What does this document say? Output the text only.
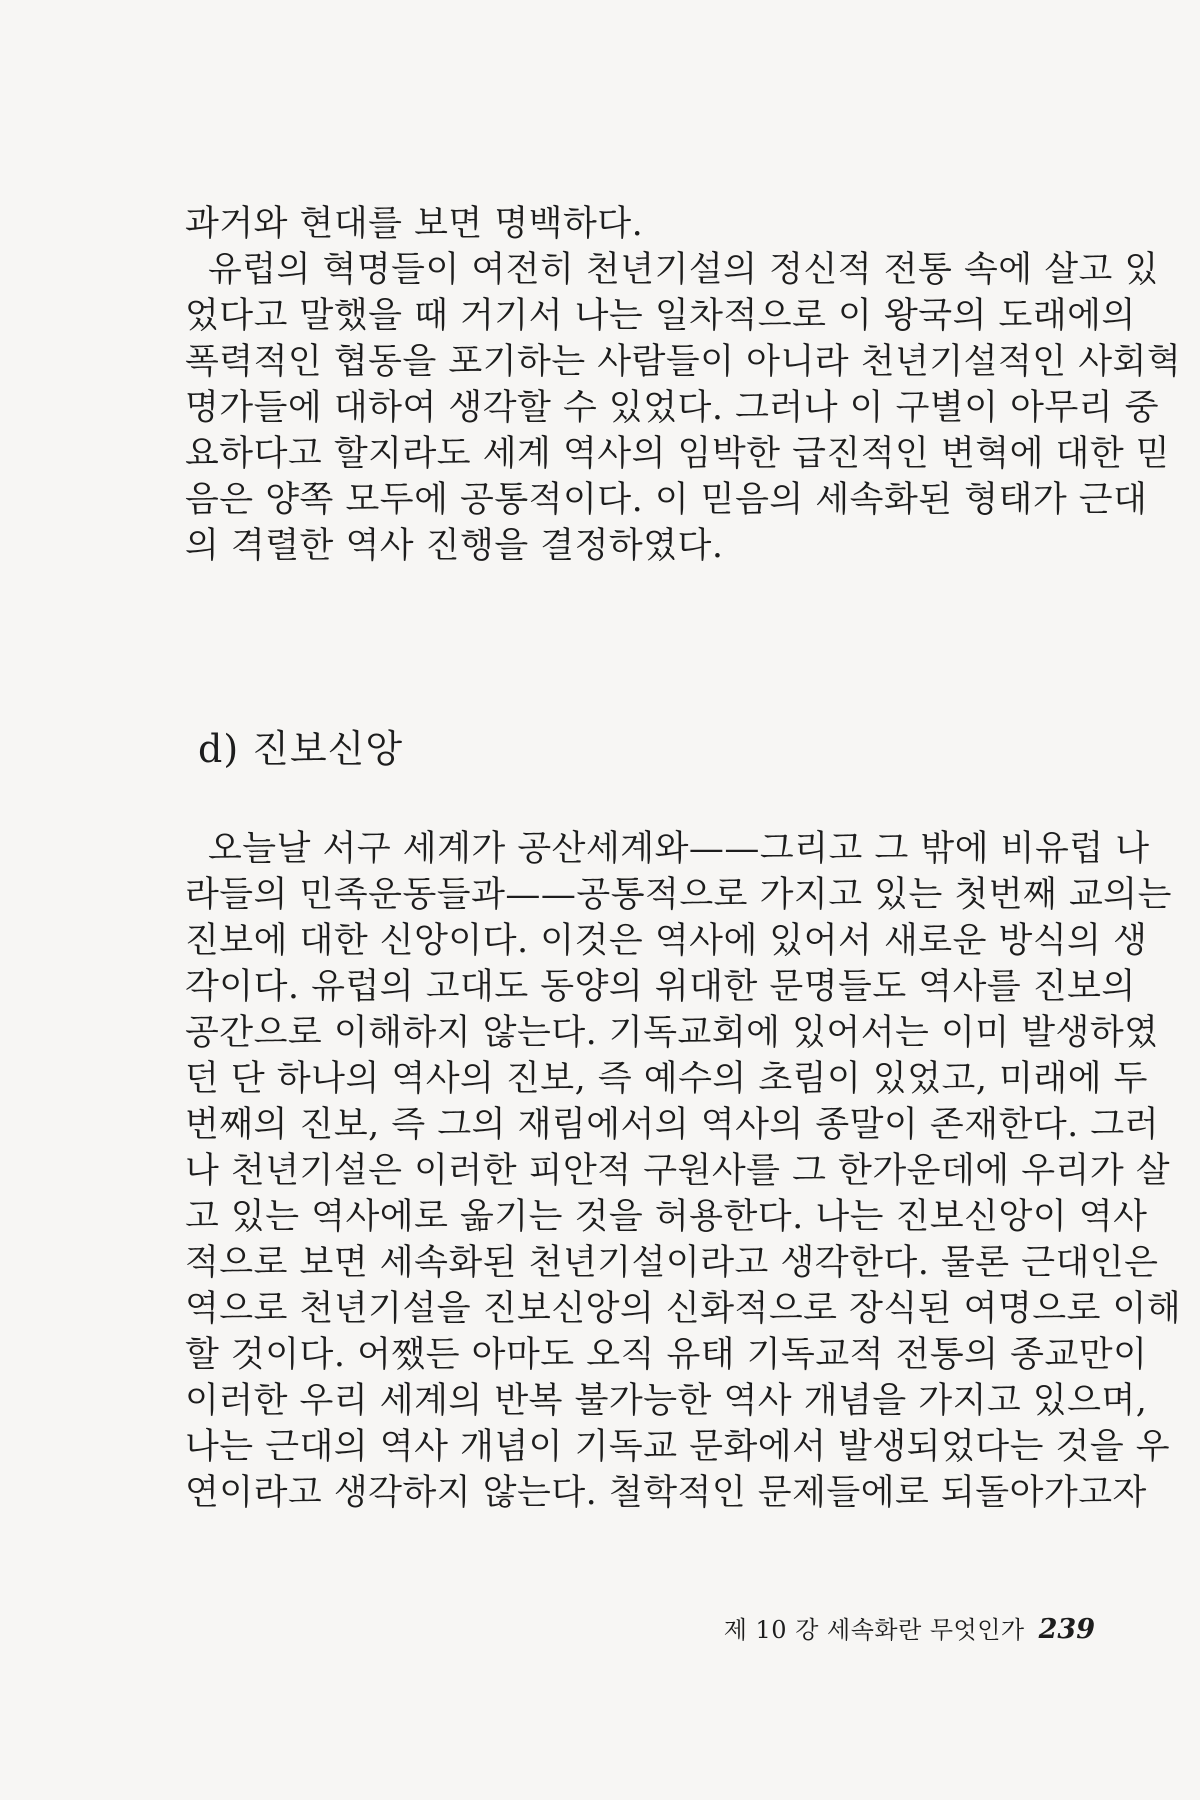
과거와 현대를 보면 명백하다.
유럽의 혁명들이 여전히 천년기설의 정신적 전통 속에 살고 있
었다고 말했을 때 거기서 나는 일차적으로 이 왕국의 도래에의
폭력적인 협동을 포기하는 사람들이 아니라 천년기설적인 사회혁
명가들에 대하여 생각할 수 있었다. 그러나 이 구별이 아무리 중
요하다고 할지라도 세계 역사의 임박한 급진적인 변혁에 대한 믿
음은 양쪽 모두에 공통적이다. 이 믿음의 세속화된 형태가 근대
의 격렬한 역사 진행을 결정하였다.
d) 진보신앙
오늘날 서구 세계가 공산세계와——그리고 그 밖에 비유럽 나
라들의 민족운동들과——공통적으로 가지고 있는 첫번째 교의는
진보에 대한 신앙이다. 이것은 역사에 있어서 새로운 방식의 생
각이다. 유럽의 고대도 동양의 위대한 문명들도 역사를 진보의
공간으로 이해하지 않는다. 기독교회에 있어서는 이미 발생하였
던 단 하나의 역사의 진보, 즉 예수의 초림이 있었고, 미래에 두
번째의 진보, 즉 그의 재림에서의 역사의 종말이 존재한다. 그러
나 천년기설은 이러한 피안적 구원사를 그 한가운데에 우리가 살
고 있는 역사에로 옮기는 것을 허용한다. 나는 진보신앙이 역사
적으로 보면 세속화된 천년기설이라고 생각한다. 물론 근대인은
역으로 천년기설을 진보신앙의 신화적으로 장식된 여명으로 이해
할 것이다. 어쨌든 아마도 오직 유태 기독교적 전통의 종교만이
이러한 우리 세계의 반복 불가능한 역사 개념을 가지고 있으며,
나는 근대의 역사 개념이 기독교 문화에서 발생되었다는 것을 우
연이라고 생각하지 않는다. 철학적인 문제들에로 되돌아가고자
제 10 강 세속화란 무엇인가 239
